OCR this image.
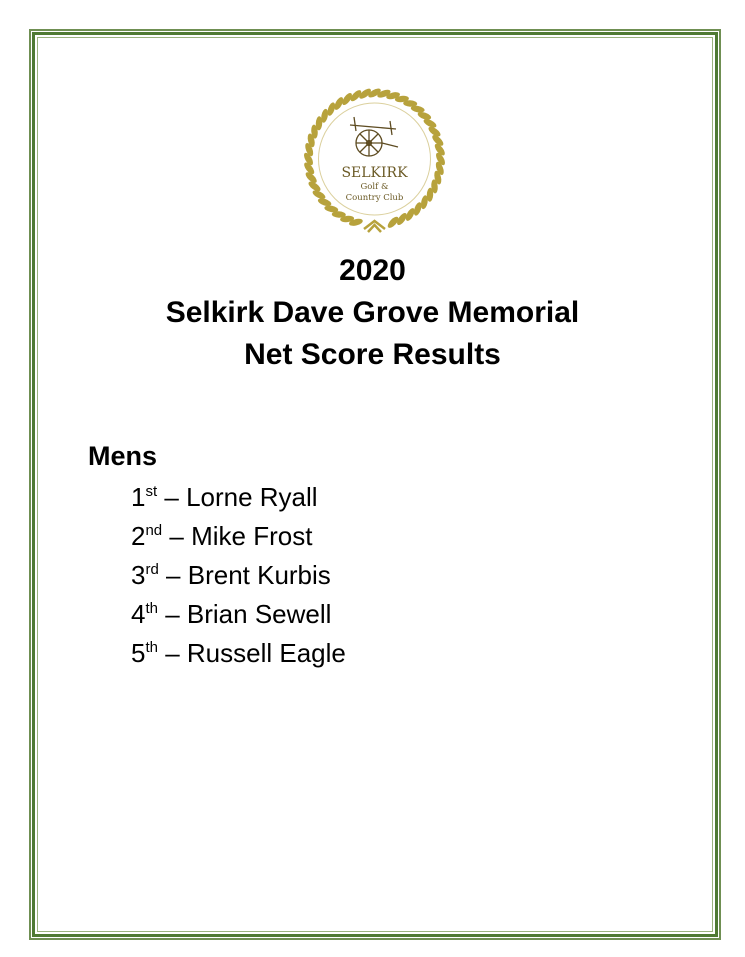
SELKIRK
Golf &
Country Club
2020
Selkirk Dave Grove Memorial
Net Score Results
Mens
1st – Lorne Ryall
2nd – Mike Frost
3rd – Brent Kurbis
4th – Brian Sewell
5th – Russell Eagle
